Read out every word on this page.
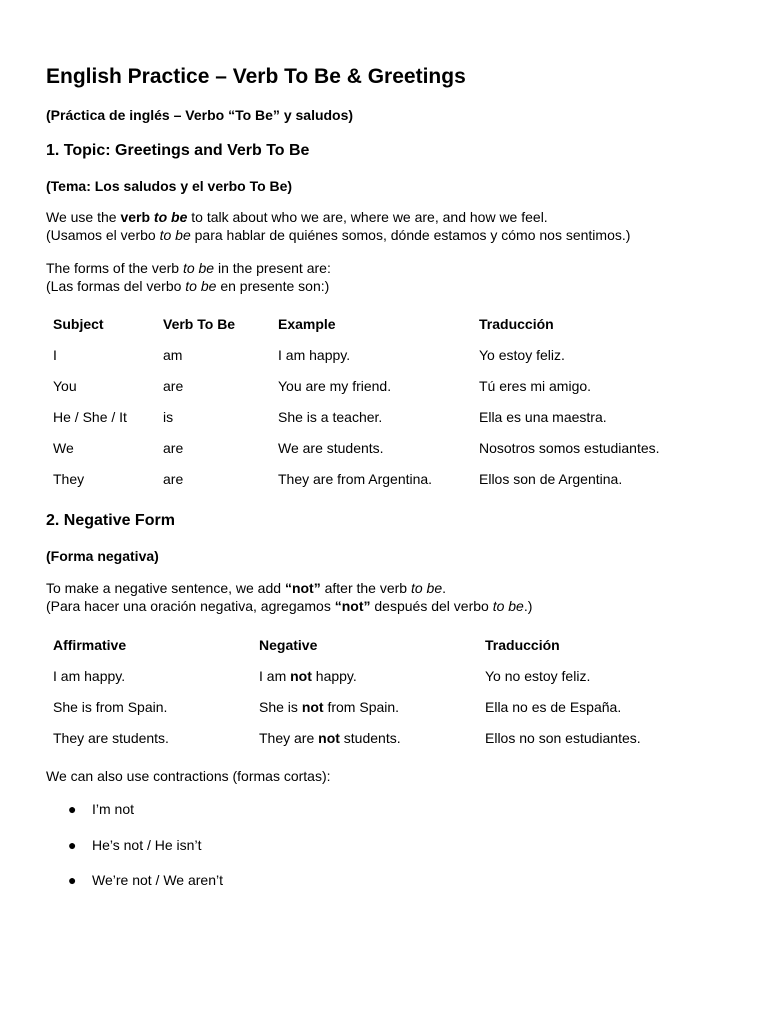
English Practice – Verb To Be & Greetings

(Práctica de inglés – Verbo “To Be” y saludos)

1. Topic: Greetings and Verb To Be

(Tema: Los saludos y el verbo To Be)

We use the verb to be to talk about who we are, where we are, and how we feel.
(Usamos el verbo to be para hablar de quiénes somos, dónde estamos y cómo nos sentimos.)

The forms of the verb to be in the present are:
(Las formas del verbo to be en presente son:)

Subject	Verb To Be	Example	Traducción
I	am	I am happy.	Yo estoy feliz.
You	are	You are my friend.	Tú eres mi amigo.
He / She / It	is	She is a teacher.	Ella es una maestra.
We	are	We are students.	Nosotros somos estudiantes.
They	are	They are from Argentina.	Ellos son de Argentina.
2. Negative Form

(Forma negativa)

To make a negative sentence, we add “not” after the verb to be.
(Para hacer una oración negativa, agregamos “not” después del verbo to be.)

Affirmative	Negative	Traducción
I am happy.	I am not happy.	Yo no estoy feliz.
She is from Spain.	She is not from Spain.	Ella no es de España.
They are students.	They are not students.	Ellos no son estudiantes.

We can also use contractions (formas cortas):

● I’m not
● He’s not / He isn’t
● We’re not / We aren’t
